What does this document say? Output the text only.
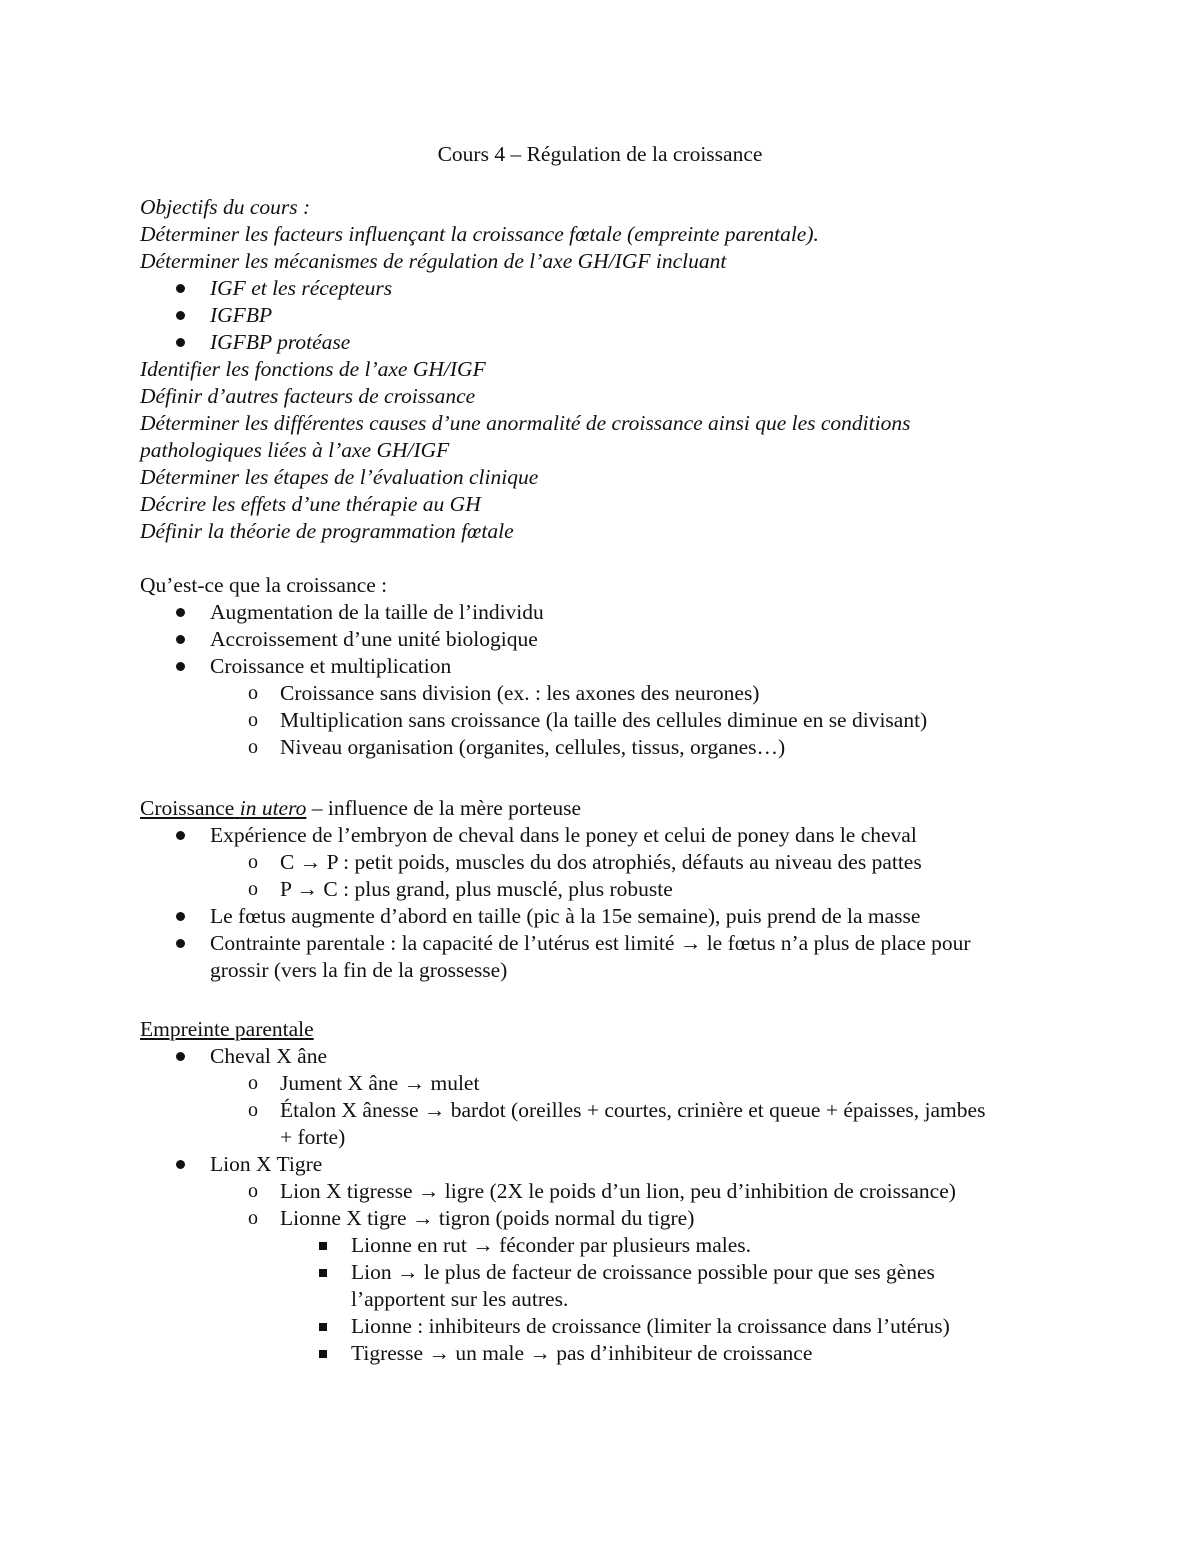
Cours 4 – Régulation de la croissance
Objectifs du cours :
Déterminer les facteurs influençant la croissance fœtale (empreinte parentale).
Déterminer les mécanismes de régulation de l’axe GH/IGF incluant
IGF et les récepteurs
IGFBP
IGFBP protéase
Identifier les fonctions de l’axe GH/IGF
Définir d’autres facteurs de croissance
Déterminer les différentes causes d’une anormalité de croissance ainsi que les conditions
pathologiques liées à l’axe GH/IGF
Déterminer les étapes de l’évaluation clinique
Décrire les effets d’une thérapie au GH
Définir la théorie de programmation fœtale
Qu’est-ce que la croissance :
Augmentation de la taille de l’individu
Accroissement d’une unité biologique
Croissance et multiplication
o Croissance sans division (ex. : les axones des neurones)
o Multiplication sans croissance (la taille des cellules diminue en se divisant)
o Niveau organisation (organites, cellules, tissus, organes…)
Croissance in utero – influence de la mère porteuse
Expérience de l’embryon de cheval dans le poney et celui de poney dans le cheval
o C → P : petit poids, muscles du dos atrophiés, défauts au niveau des pattes
o P → C : plus grand, plus musclé, plus robuste
Le fœtus augmente d’abord en taille (pic à la 15e semaine), puis prend de la masse
Contrainte parentale : la capacité de l’utérus est limité → le fœtus n’a plus de place pour
grossir (vers la fin de la grossesse)
Empreinte parentale
Cheval X âne
o Jument X âne → mulet
o Étalon X ânesse → bardot (oreilles + courtes, crinière et queue + épaisses, jambes
+ forte)
Lion X Tigre
o Lion X tigresse → ligre (2X le poids d’un lion, peu d’inhibition de croissance)
o Lionne X tigre → tigron (poids normal du tigre)
Lionne en rut → féconder par plusieurs males.
Lion → le plus de facteur de croissance possible pour que ses gènes
l’apportent sur les autres.
Lionne : inhibiteurs de croissance (limiter la croissance dans l’utérus)
Tigresse → un male → pas d’inhibiteur de croissance
